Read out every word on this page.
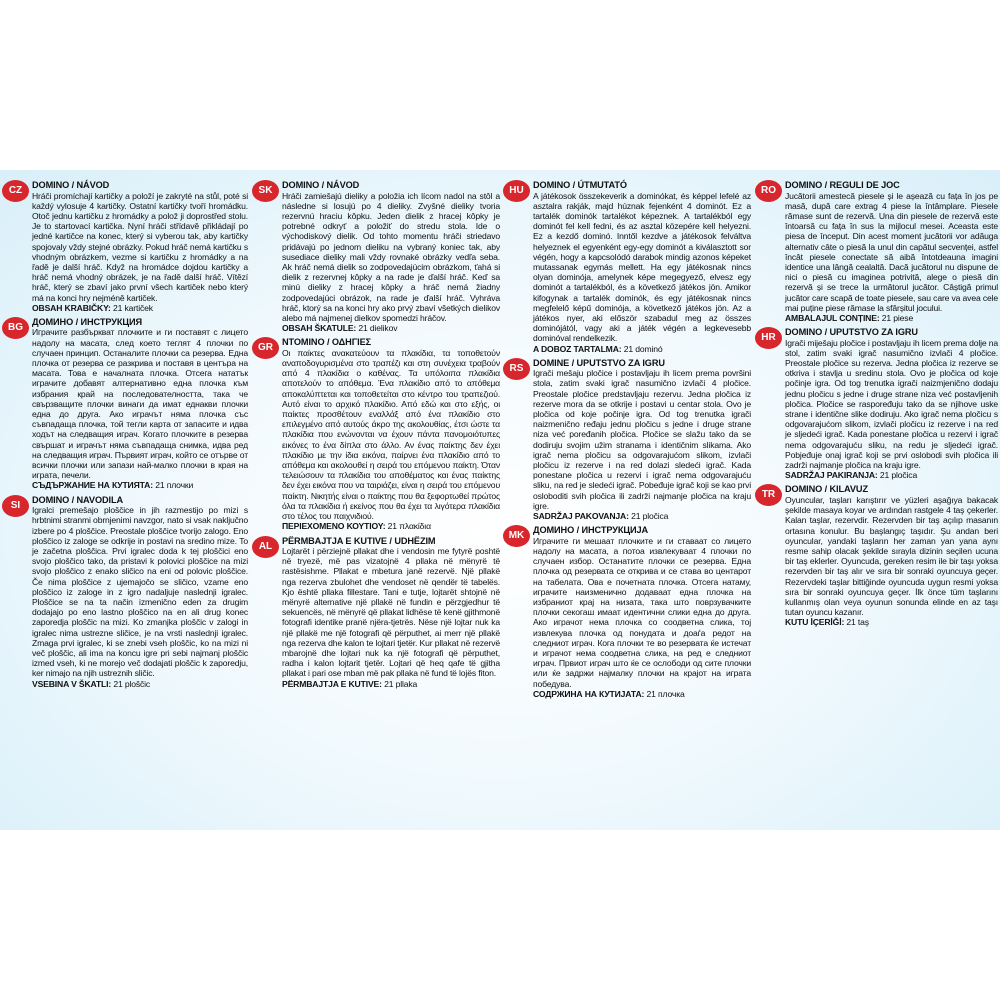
CZ	DOMINO / NÁVOD
Hráči promíchají kartičky a položí je zakryté na stůl, poté si každý vylosuje 4 kartičky. Ostatní kartičky tvoří hromádku. Otoč jednu kartičku z hromádky a polož ji doprostřed stolu. Je to startovací kartička. Nyní hráči střídavě přikládají po jedné kartičce na konec, který si vyberou tak, aby kartičky spojovaly vždy stejné obrázky. Pokud hráč nemá kartičku s vhodným obrázkem, vezme si kartičku z hromádky a na řadě je další hráč. Když na hromádce dojdou kartičky a hráč nemá vhodný obrázek, je na řadě další hráč. Vítězí hráč, který se zbaví jako první všech kartiček nebo který má na konci hry nejméně kartiček.
OBSAH KRABIČKY: 21 kartiček
BG ДОМИНО / ИНСТРУКЦИЯ
Играчите разбъркват плочките и ги поставят с лицето надолу на масата, след което теглят 4 плочки по случаен принцип. Останалите плочки са резерва. Една плочка от резерва се разкрива и поставя в центъра на масата. Това е началната плочка. Отсега нататък играчите добавят алтернативно една плочка към избрания край на последователността, така че свързващите плочки винаги да имат еднакви плочки една до друга. Ако играчът няма плочка със съвпадаща плочка, той тегли карта от запасите и идва ходът на следващия играч. Когато плочките в резерва свършат и играчът няма съвпадаща снимка, идва ред на следващия играч. Първият играч, който се отърве от всички плочки или запази най-малко плочки в края на играта, печели.
СЪДЪРЖАНИЕ НА КУТИЯТА: 21 плочки
SI	DOMINO / NAVODILA
Igralci premešajo ploščice in jih razmestijo po mizi s hrbtnimi stranmi obrnjenimi navzgor, nato si vsak naključno izbere po 4 ploščice. Preostale ploščice tvorijo zalogo. Eno ploščico iz zaloge se odkrije in postavi na sredino mize. To je začetna ploščica. Prvi igralec doda k tej ploščici eno svojo ploščico tako, da pristavi k polovici ploščice na mizi svojo ploščico z enako sličico na eni od polovic ploščice. Če nima ploščice z ujemajočo se sličico, vzame eno ploščico iz zaloge in z igro nadaljuje naslednji igralec. Ploščice se na ta način izmenično eden za drugim dodajajo po eno lastno ploščico na en ali drug konec zaporedja ploščic na mizi. Ko zmanjka ploščic v zalogi in igralec nima ustrezne sličice, je na vrsti naslednji igralec. Zmaga prvi igralec, ki se znebi vseh ploščic, ko na mizi ni več ploščic, ali ima na koncu igre pri sebi najmanj ploščic izmed vseh, ki ne morejo več dodajati ploščic k zaporedju, ker nimajo na njih ustreznih sličic.
VSEBINA V ŠKATLI: 21 ploščic
SK	DOMINO / NÁVOD
Hráči zamiešajú dieliky a položia ich lícom nadol na stôl a následne si losujú po 4 dieliky. Zvyšné dieliky tvoria rezervnú hraciu kôpku. Jeden dielik z hracej kôpky je potrebné odkryť a položiť do stredu stola. Ide o východiskový dielik. Od tohto momentu hráči striedavo pridávajú po jednom dieliku na vybraný koniec tak, aby susediace dieliky mali vždy rovnaké obrázky vedľa seba. Ak hráč nemá dielik so zodpovedajúcim obrázkom, ťahá si dielik z rezervnej kôpky a na rade je ďalší hráč. Keď sa minú dieliky z hracej kôpky a hráč nemá žiadny zodpovedajúci obrázok, na rade je ďalší hráč. Vyhráva hráč, ktorý sa na konci hry ako prvý zbaví všetkých dielikov alebo má najmenej dielkov spomedzi hráčov.
OBSAH ŠKATULE: 21 dielikov
GR ΝΤΟΜΙΝΟ / ΟΔΗΓΙΕΣ
Οι παίκτες ανακατεύουν τα πλακίδια, τα τοποθετούν αναποδογυρισμένα στο τραπέζι και στη συνέχεια τραβούν από 4 πλακίδια ο καθένας. Τα υπόλοιπα πλακίδια αποτελούν το απόθεμα. Ένα πλακίδιο από το απόθεμα αποκαλύπτεται και τοποθετείται στο κέντρο του τραπεζιού. Αυτό είναι το αρχικό πλακίδιο. Από εδώ και στο εξής, οι παίκτες προσθέτουν εναλλάξ από ένα πλακίδιο στο επιλεγμένο από αυτούς άκρο της ακολουθίας, έτσι ώστε τα πλακίδια που ενώνονται να έχουν πάντα πανομοιότυπες εικόνες το ένα δίπλα στο άλλο. Αν ένας παίκτης δεν έχει πλακίδιο με την ίδια εικόνα, παίρνει ένα πλακίδιο από το απόθεμα και ακολουθεί η σειρά του επόμενου παίκτη. Όταν τελειώσουν τα πλακίδια του αποθέματος και ένας παίκτης δεν έχει εικόνα που να ταιριάζει, είναι η σειρά του επόμενου παίκτη. Νικητής είναι ο παίκτης που θα ξεφορτωθεί πρώτος όλα τα πλακίδια ή εκείνος που θα έχει τα λιγότερα πλακίδια στο τέλος του παιχνιδιού.
ΠΕΡΙΕΧΟΜΕΝΟ ΚΟΥΤΙΟΥ: 21 πλακίδια
AL	PËRMBAJTJA E KUTIVE / UDHËZIM
Lojtarët i përziejnë pllakat dhe i vendosin me fytyrë poshtë në tryezë, më pas vizatojnë 4 pllaka në mënyrë të rastësishme. Pllakat e mbetura janë rezervë. Një pllakë nga rezerva zbulohet dhe vendoset në qendër të tabelës. Kjo është pllaka fillestare. Tani e tutje, lojtarët shtojnë në mënyrë alternative një pllakë në fundin e përzgjedhur të sekuencës, në mënyrë që pllakat lidhëse të kenë gjithmonë fotografi identike pranë njëra-tjetrës. Nëse një lojtar nuk ka një pllakë me një fotografi që përputhet, ai merr një pllakë nga rezerva dhe kalon te lojtari tjetër. Kur pllakat në rezervë mbarojnë dhe lojtari nuk ka një fotografi që përputhet, radha i kalon lojtarit tjetër. Lojtari që heq qafe të gjitha pllakat i pari ose mban më pak pllaka në fund të lojës fiton.
PËRMBAJTJA E KUTIVE: 21 pllaka
HU	DOMINO / ÚTMUTATÓ
A játékosok összekeverik a dominókat, és képpel lefelé az asztalra rakják, majd húznak fejenként 4 dominót. Ez a tartalék dominók tartalékot képeznek. A tartalékból egy dominót fel kell fedni, és az asztal közepére kell helyezni. Ez a kezdő dominó. Inntől kezdve a játékosok felváltva helyeznek el egyenként egy-egy dominót a kiválasztott sor végén, hogy a kapcsolódó darabok mindig azonos képeket mutassanak egymás mellett. Ha egy játékosnak nincs olyan dominója, amelynek képe megegyező, elvesz egy dominót a tartalékból, és a következő játékos jön. Amikor kifogynak a tartalék dominók, és egy játékosnak nincs megfelelő képű dominója, a következő játékos jön. Az a játékos nyer, aki először szabadul meg az összes dominójától, vagy aki a játék végén a legkevesebb dominóval rendelkezik.
A DOBOZ TARTALMA: 21 dominó
RS	DOMINE / UPUTSTVO ZA IGRU
Igrači mešaju pločice i postavljaju ih licem prema površini stola, zatim svaki igrač nasumično izvlači 4 pločice. Preostale pločice predstavljaju rezervu. Jedna pločica iz rezerve mora da se otkrije i postavi u centar stola. Ovo je pločica od koje počinje igra. Od tog trenutka igrači naizmenično ređaju jednu pločicu s jedne i druge strane niza već poređanih pločica. Pločice se slažu tako da se dodiruju svojim užim stranama i identičnim slikama. Ako igrač nema pločicu sa odgovarajućom slikom, izvlači pločicu iz rezerve i na red dolazi sledeći igrač. Kada ponestane pločica u rezervi i igrač nema odgovarajuću sliku, na red je sledeći igrač. Pobeđuje igrač koji se kao prvi osloboditi svih pločica ili zadrži najmanje pločica na kraju igre.
SADRŽAJ PAKOVANJA: 21 pločica
MK ДОМИНО / ИНСТРУКЦИЈА
Играчите ги мешаат плочките и ги ставаат со лицето надолу на масата, а потоа извлекуваат 4 плочки по случаен избор. Останатите плочки се резерва. Една плочка од резервата се открива и се става во центарот на табелата. Ова е почетната плочка. Отсега натаму, играчите наизменично додаваат една плочка на избраниот крај на низата, така што поврзувачките плочки секогаш имаат идентични слики една до друга. Ако играчот нема плочка со соодветна слика, тој извлекува плочка од понудата и доаѓа редот на следниот играч. Кога плочки те во резервата ќе истечат и играчот нема соодветна слика, на ред е следниот играч. Првиот играч што ќе се ослободи од сите плочки или ќе задржи најмалку плочки на крајот на играта победува.
СОДРЖИНА НА КУТИЈАТА: 21 плочка
RO DOMINO / REGULI DE JOC
Jucătorii amestecă piesele și le așează cu fața în jos pe masă, după care extrag 4 piese la întâmplare. Piesele rămase sunt de rezervă. Una din piesele de rezervă este întoarsă cu fața în sus la mijlocul mesei. Aceasta este piesa de început. Din acest moment jucătorii vor adăuga alternativ câte o piesă la unul din capătul secvenței, astfel încât piesele conectate să aibă întotdeauna imagini identice una lângă cealaltă. Dacă jucătorul nu dispune de nici o piesă cu imaginea potrivită, alege o piesă din rezervă și se trece la următorul jucător. Câștigă primul jucător care scapă de toate piesele, sau care va avea cele mai puține piese rămase la sfârșitul jocului.
AMBALAJUL CONȚINE: 21 piese
HR	DOMINO / UPUTSTVO ZA IGRU
Igrači miješaju pločice i postavljaju ih licem prema dolje na stol, zatim svaki igrač nasumično izvlači 4 pločice. Preostale pločice su rezerva. Jedna pločica iz rezerve se otkriva i stavlja u sredinu stola. Ovo je pločica od koje počinje igra. Od tog trenutka igrači naizmjenično dodaju jednu pločicu s jedne i druge strane niza već postavljenih pločica. Pločice se raspoređuju tako da se njihove uske strane i identične slike dodiruju. Ako igrač nema pločicu s odgovarajućom slikom, izvlači pločicu iz rezerve i na red je sljedeći igrač. Kada ponestane pločica u rezervi i igrač nema odgovarajuću sliku, na redu je sljedeći igrač. Pobjeđuje onaj igrač koji se prvi oslobodi svih pločica ili zadrži najmanje pločica na kraju igre.
SADRŽAJ PAKIRANJA: 21 pločica
TR	DOMINO / KILAVUZ
Oyuncular, taşları karıştırır ve yüzleri aşağıya bakacak şekilde masaya koyar ve ardından rastgele 4 taş çekerler. Kalan taşlar, rezervdir. Rezervden bir taş açılıp masanın ortasına konulur. Bu başlangıç taşıdır. Şu andan beri oyuncular, yandaki taşların her zaman yan yana aynı resme sahip olacak şekilde sırayla dizinin seçilen ucuna bir taş eklerler. Oyuncuda, gereken resim ile bir taşı yoksa rezervden bir taş alır ve sıra bir sonraki oyuncuya geçer. Rezervdeki taşlar bittiğinde oyuncuda uygun resmi yoksa sıra bir sonraki oyuncuya geçer. İlk önce tüm taşlarını kullanmış olan veya oyunun sonunda elinde en az taşı tutan oyuncu kazanır.
KUTU İÇERİĞİ: 21 taş
